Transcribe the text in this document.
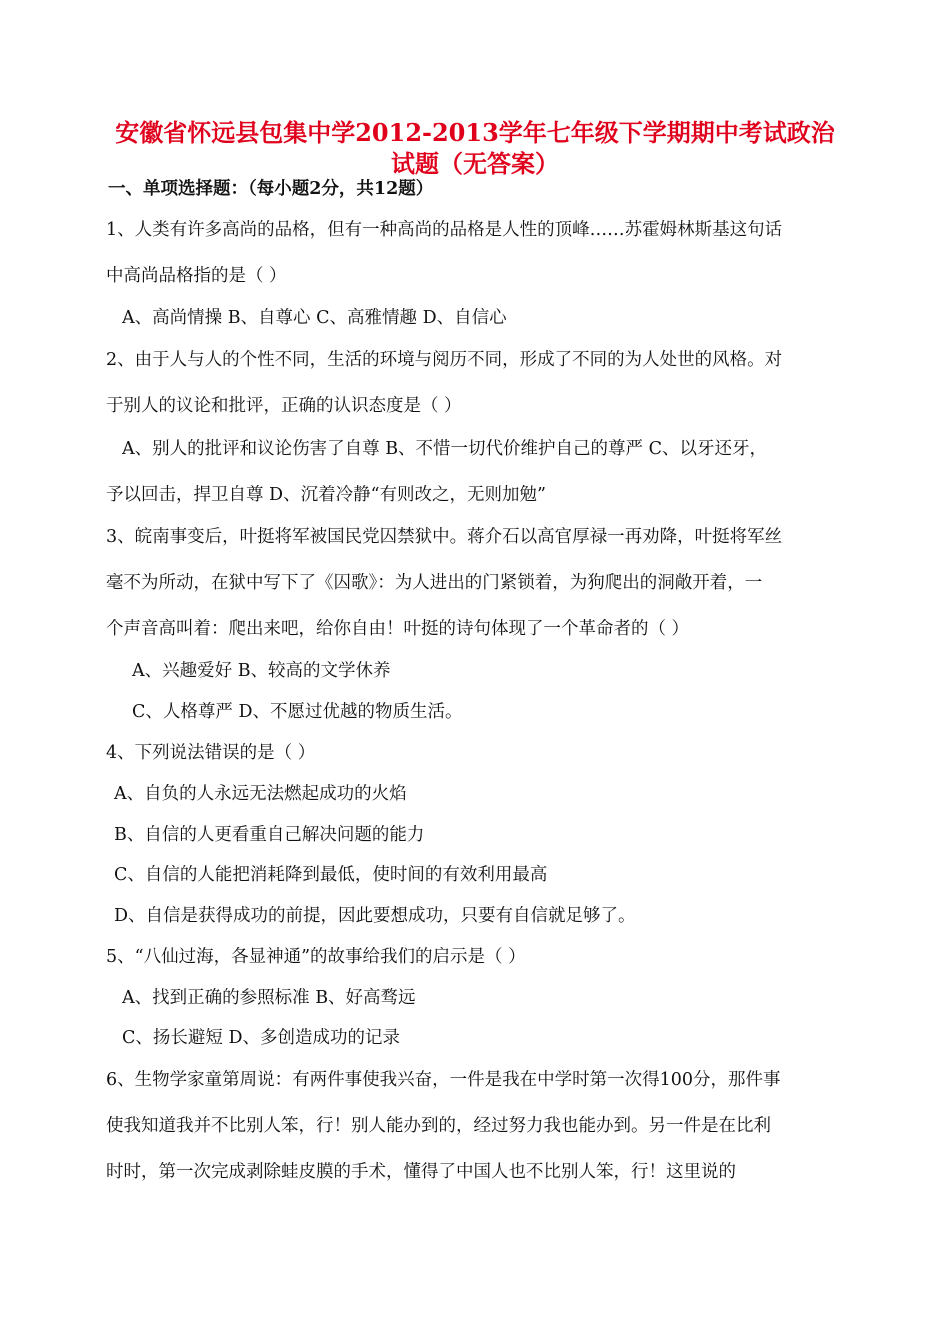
安徽省怀远县包集中学2012-2013学年七年级下学期期中考试政治
试题（无答案）
一、单项选择题：（每小题2分，共12题）
1、人类有许多高尚的品格，但有一种高尚的品格是人性的顶峰……苏霍姆林斯基这句话
中高尚品格指的是（ ）
A、高尚情操 B、自尊心 C、高雅情趣 D、自信心
2、由于人与人的个性不同，生活的环境与阅历不同，形成了不同的为人处世的风格。对
于别人的议论和批评，正确的认识态度是（ ）
A、别人的批评和议论伤害了自尊 B、不惜一切代价维护自己的尊严 C、以牙还牙，
予以回击，捍卫自尊 D、沉着冷静“有则改之，无则加勉”
3、皖南事变后，叶挺将军被国民党囚禁狱中。蒋介石以高官厚禄一再劝降，叶挺将军丝
毫不为所动，在狱中写下了《囚歌》：为人进出的门紧锁着，为狗爬出的洞敞开着，一
个声音高叫着：爬出来吧，给你自由！叶挺的诗句体现了一个革命者的（ ）
A、兴趣爱好 B、较高的文学休养
C、人格尊严 D、不愿过优越的物质生活。
4、下列说法错误的是（ ）
A、自负的人永远无法燃起成功的火焰
B、自信的人更看重自己解决问题的能力
C、自信的人能把消耗降到最低，使时间的有效利用最高
D、自信是获得成功的前提，因此要想成功，只要有自信就足够了。
5、“八仙过海，各显神通”的故事给我们的启示是（ ）
A、找到正确的参照标准 B、好高骛远
C、扬长避短 D、多创造成功的记录
6、生物学家童第周说：有两件事使我兴奋，一件是我在中学时第一次得100分，那件事
使我知道我并不比别人笨，行！别人能办到的，经过努力我也能办到。另一件是在比利
时时，第一次完成剥除蛙皮膜的手术，懂得了中国人也不比别人笨，行！这里说的
